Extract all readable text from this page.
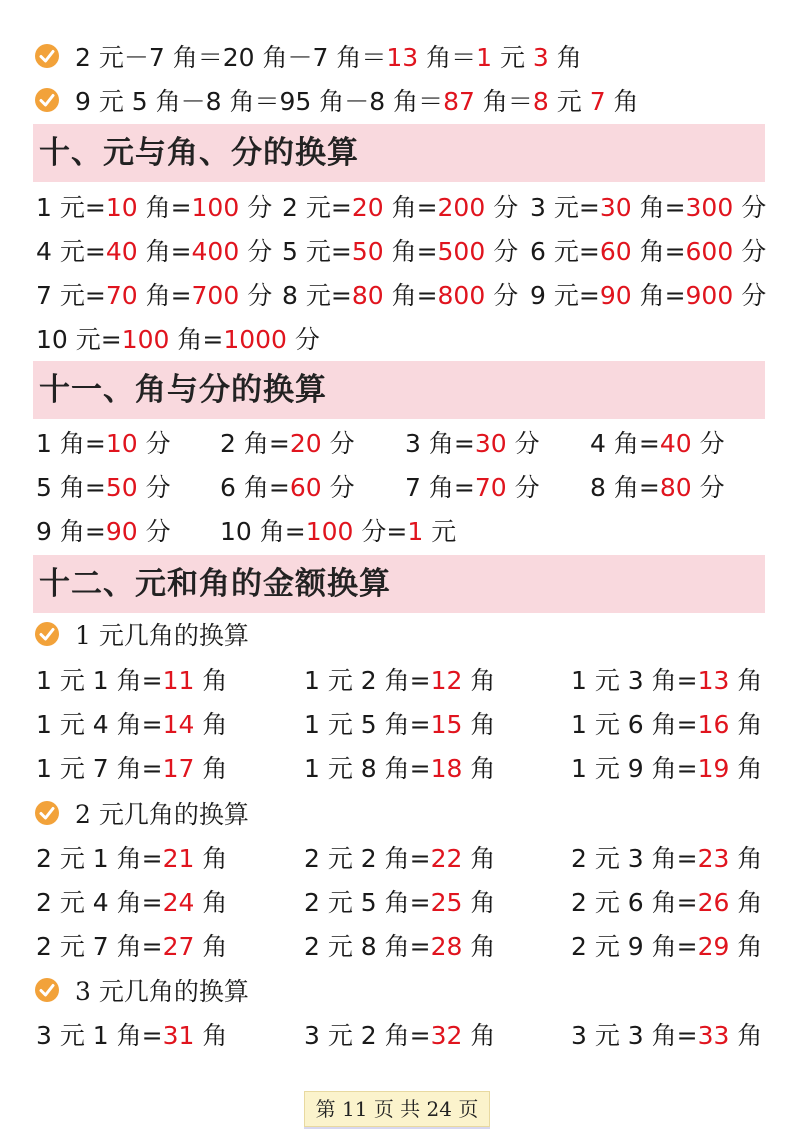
2 元－7 角＝20 角－7 角＝13 角＝1 元 3 角
9 元 5 角－8 角＝95 角－8 角＝87 角＝8 元 7 角
十、元与角、分的换算
1 元=10 角=100 分 2 元=20 角=200 分 3 元=30 角=300 分
4 元=40 角=400 分 5 元=50 角=500 分 6 元=60 角=600 分
7 元=70 角=700 分 8 元=80 角=800 分 9 元=90 角=900 分
10 元=100 角=1000 分
十一、角与分的换算
1 角=10 分 2 角=20 分 3 角=30 分 4 角=40 分
5 角=50 分 6 角=60 分 7 角=70 分 8 角=80 分
9 角=90 分 10 角=100 分=1 元
十二、元和角的金额换算
1 元几角的换算
1 元 1 角=11 角	1 元 2 角=12 角	1 元 3 角=13 角
1 元 4 角=14 角	1 元 5 角=15 角	1 元 6 角=16 角
1 元 7 角=17 角	1 元 8 角=18 角	1 元 9 角=19 角
2 元几角的换算
2 元 1 角=21 角	2 元 2 角=22 角	2 元 3 角=23 角
2 元 4 角=24 角	2 元 5 角=25 角	2 元 6 角=26 角
2 元 7 角=27 角	2 元 8 角=28 角	2 元 9 角=29 角
3 元几角的换算
3 元 1 角=31 角	3 元 2 角=32 角	3 元 3 角=33 角
第 11 页 共 24 页
